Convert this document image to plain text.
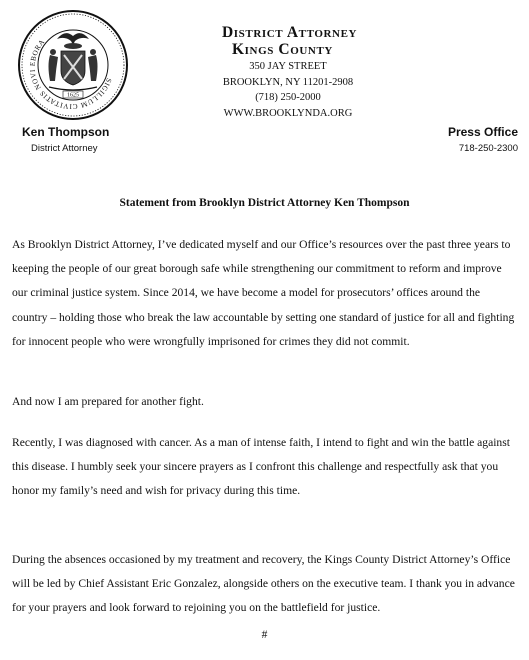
SIGILLUM CIVITATIS NOVI EBORACI
1625
District Attorney
Kings County
350 JAY STREET
BROOKLYN, NY 11201-2908
(718) 250-2000
WWW.BROOKLYNDA.ORG
Ken Thompson
District Attorney
Press Office
718-250-2300
Statement from Brooklyn District Attorney Ken Thompson

As Brooklyn District Attorney, I’ve dedicated myself and our Office’s resources over the past three years to keeping the people of our great borough safe while strengthening our commitment to reform and improve our criminal justice system. Since 2014, we have become a model for prosecutors’ offices around the country – holding those who break the law accountable by setting one standard of justice for all and fighting for innocent people who were wrongfully imprisoned for crimes they did not commit.

And now I am prepared for another fight.

Recently, I was diagnosed with cancer. As a man of intense faith, I intend to fight and win the battle against this disease. I humbly seek your sincere prayers as I confront this challenge and respectfully ask that you honor my family’s need and wish for privacy during this time.

During the absences occasioned by my treatment and recovery, the Kings County District Attorney’s Office will be led by Chief Assistant Eric Gonzalez, alongside others on the executive team. I thank you in advance for your prayers and look forward to rejoining you on the battlefield for justice.

#
